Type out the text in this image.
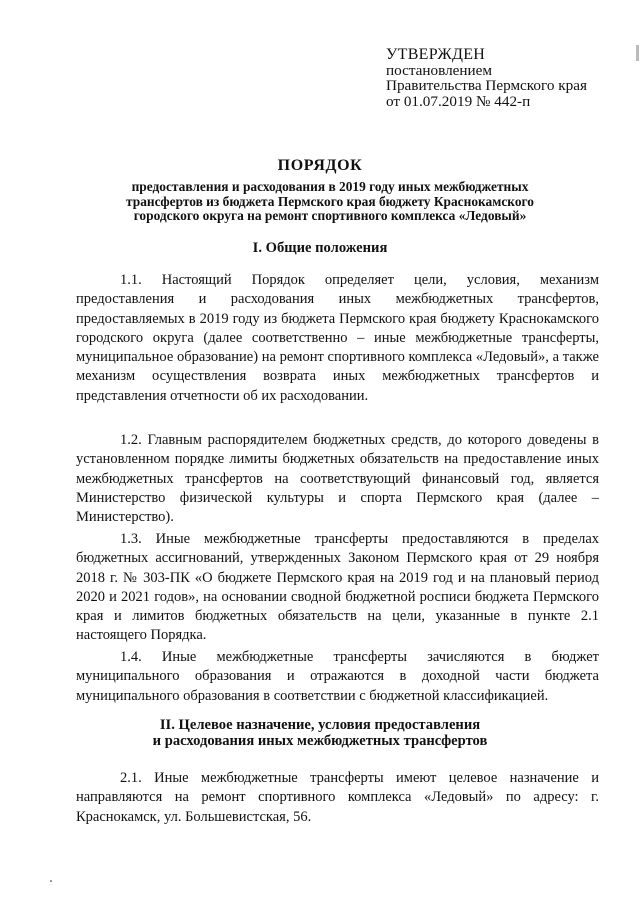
УТВЕРЖДЕН
постановлением
Правительства Пермского края
от 01.07.2019 № 442-п
ПОРЯДОК
предоставления и расходования в 2019 году иных межбюджетных
трансфертов из бюджета Пермского края бюджету Краснокамского
городского округа на ремонт спортивного комплекса «Ледовый»
I. Общие положения

1.1. Настоящий Порядок определяет цели, условия, механизм предоставления и расходования иных межбюджетных трансфертов, предоставляемых в 2019 году из бюджета Пермского края бюджету Краснокамского городского округа (далее соответственно – иные межбюджетные трансферты, муниципальное образование) на ремонт спортивного комплекса «Ледовый», а также механизм осуществления возврата иных межбюджетных трансфертов и представления отчетности об их расходовании.

1.2. Главным распорядителем бюджетных средств, до которого доведены в установленном порядке лимиты бюджетных обязательств на предоставление иных межбюджетных трансфертов на соответствующий финансовый год, является Министерство физической культуры и спорта Пермского края (далее – Министерство).

1.3. Иные межбюджетные трансферты предоставляются в пределах бюджетных ассигнований, утвержденных Законом Пермского края от 29 ноября 2018 г. № 303-ПК «О бюджете Пермского края на 2019 год и на плановый период 2020 и 2021 годов», на основании сводной бюджетной росписи бюджета Пермского края и лимитов бюджетных обязательств на цели, указанные в пункте 2.1 настоящего Порядка.

1.4. Иные межбюджетные трансферты зачисляются в бюджет муниципального образования и отражаются в доходной части бюджета муниципального образования в соответствии с бюджетной классификацией.

II. Целевое назначение, условия предоставления
и расходования иных межбюджетных трансфертов

2.1. Иные межбюджетные трансферты имеют целевое назначение и направляются на ремонт спортивного комплекса «Ледовый» по адресу: г. Краснокамск, ул. Большевистская, 56.
